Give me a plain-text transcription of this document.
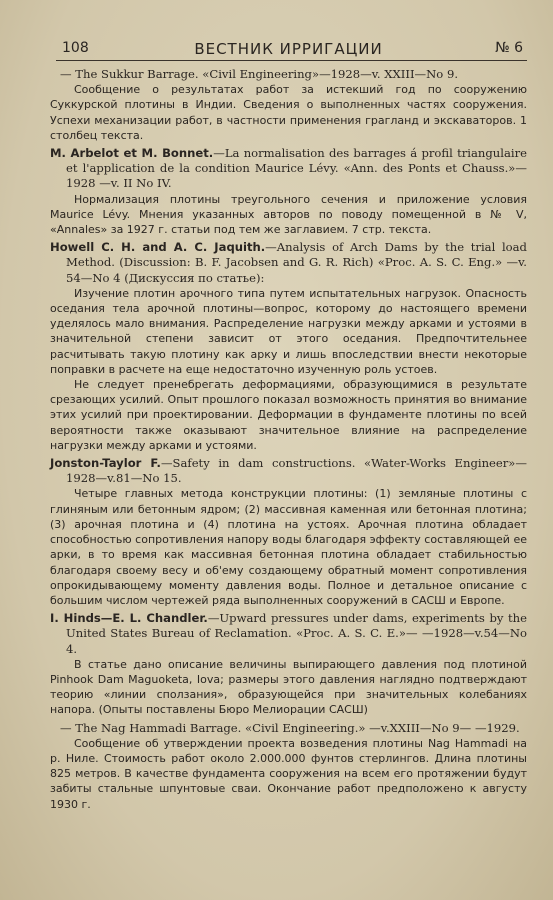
108	ВЕСТНИК ИРРИГАЦИИ	№ 6

— The Sukkur Barrage. «Civil Engineering»—1928—v. XXIII—No 9.

Сообщение о результатах работ за истекший год по сооружению Суккурской плотины в Индии. Сведения о выполненных частях сооружения. Успехи механизации работ, в частности применения грагланд и экскаваторов. 1 столбец текста.

M. Arbelot et M. Bonnet.—La normalisation des barrages á profil triangulaire et l'application de la condition Maurice Lévy. «Ann. des Ponts et Chauss.»—1928 —v. II No IV.

Нормализация плотины треугольного сечения и приложение условия Maurice Lévy. Мнения указанных авторов по поводу помещенной в № V, «Annales» за 1927 г. статьи под тем же заглавием. 7 стр. текста.

Howell C. H. and A. C. Jaquith.—Analysis of Arch Dams by the trial load Method. (Discussion: B. F. Jacobsen and G. R. Rich) «Proc. A. S. C. Eng.» —v. 54—No 4 (Дискуссия по статье):

Изучение плотин арочного типа путем испытательных нагрузок. Опасность оседания тела арочной плотины—вопрос, которому до настоящего времени уделялось мало внимания. Распределение нагрузки между арками и устоями в значительной степени зависит от этого оседания. Предпочтительнее расчитывать такую плотину как арку и лишь впоследствии внести некоторые поправки в расчете на еще недостаточно изученную роль устоев.

Не следует пренебрегать деформациями, образующимися в результате срезающих усилий. Опыт прошлого показал возможность принятия во внимание этих усилий при проектировании. Деформации в фундаменте плотины по всей вероятности также оказывают значительное влияние на распределение нагрузки между арками и устоями.

Jonston-Taylor F.—Safety in dam constructions. «Water-Works Engineer»—1928—v.81—No 15.

Четыре главных метода конструкции плотины: (1) земляные плотины с глиняным или бетонным ядром; (2) массивная каменная или бетонная плотина; (3) арочная плотина и (4) плотина на устоях. Арочная плотина обладает способностью сопротивления напору воды благодаря эффекту составляющей ее арки, в то время как массивная бетонная плотина обладает стабильностью благодаря своему весу и об'ему создающему обратный момент сопротивления опрокидывающему моменту давления воды. Полное и детальное описание с большим числом чертежей ряда выполненных сооружений в САСШ и Европе.

I. Hinds—E. L. Chandler.—Upward pressures under dams, experiments by the United States Bureau of Reclamation. «Proc. A. S. C. E.»— —1928—v.54—No 4.

В статье дано описание величины выпирающего давления под плотиной Pinhook Dam Maguoketa, Iova; размеры этого давления наглядно подтверждают теорию «линии сползания», образующейся при значительных колебаниях напора. (Опыты поставлены Бюро Мелиорации САСШ)

— The Nag Hammadi Barrage. «Civil Engineering.» —v.XXIII—No 9— —1929.

Сообщение об утверждении проекта возведения плотины Nag Hammadi на р. Ниле. Стоимость работ около 2.000.000 фунтов стерлингов. Длина плотины 825 метров. В качестве фундамента сооружения на всем его протяжении будут забиты стальные шпунтовые сваи. Окончание работ предположено к августу 1930 г.
